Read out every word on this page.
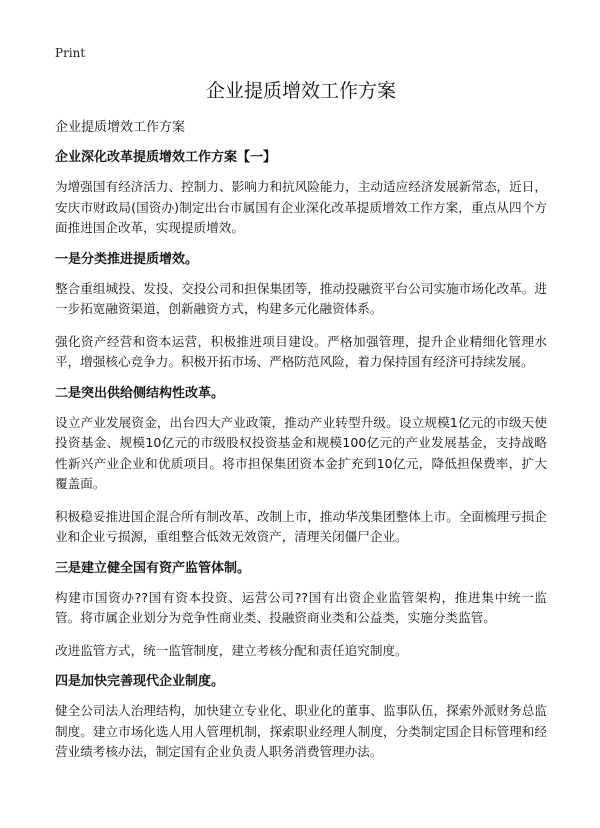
Print
企业提质增效工作方案
企业提质增效工作方案
企业深化改革提质增效工作方案【一】

为增强国有经济活力、控制力、影响力和抗风险能力，主动适应经济发展新常态，近日，安庆市财政局(国资办)制定出台市属国有企业深化改革提质增效工作方案，重点从四个方面推进国企改革，实现提质增效。

一是分类推进提质增效。

整合重组城投、发投、交投公司和担保集团等，推动投融资平台公司实施市场化改革。进一步拓宽融资渠道，创新融资方式，构建多元化融资体系。

强化资产经营和资本运营，积极推进项目建设。严格加强管理，提升企业精细化管理水平，增强核心竞争力。积极开拓市场、严格防范风险，着力保持国有经济可持续发展。

二是突出供给侧结构性改革。

设立产业发展资金，出台四大产业政策，推动产业转型升级。设立规模1亿元的市级天使投资基金、规模10亿元的市级股权投资基金和规模100亿元的产业发展基金，支持战略性新兴产业企业和优质项目。将市担保集团资本金扩充到10亿元，降低担保费率，扩大覆盖面。

积极稳妥推进国企混合所有制改革、改制上市，推动华茂集团整体上市。全面梳理亏损企业和企业亏损源，重组整合低效无效资产，清理关闭僵尸企业。

三是建立健全国有资产监管体制。

构建市国资办??国有资本投资、运营公司??国有出资企业监管架构，推进集中统一监管。将市属企业划分为竞争性商业类、投融资商业类和公益类，实施分类监管。

改进监管方式，统一监管制度，建立考核分配和责任追究制度。

四是加快完善现代企业制度。

健全公司法人治理结构，加快建立专业化、职业化的董事、监事队伍，探索外派财务总监制度。建立市场化选人用人管理机制，探索职业经理人制度，分类制定国企目标管理和经营业绩考核办法，制定国有企业负责人职务消费管理办法。
